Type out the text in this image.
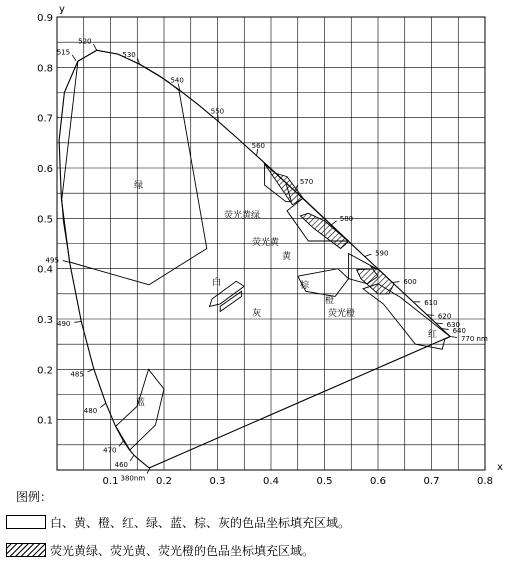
0.1	0.2	0.3	0.4	0.5	0.6	0.7	0.8
0.9
0.8
0.7
0.6
0.5
0.4
0.3
0.2
0.1
520
515	530
540
550
560
570
580
590
600
610
620
630
640
770 nm
495
490
485
480
470
460
380nm
绿
蓝
白
灰
荧光黄绿
荧光黄
黄
棕
橙
荧光橙
红
x
y
图例：
白、黄、橙、红、绿、蓝、棕、灰的色品坐标填充区域。
荧光黄绿、荧光黄、荧光橙的色品坐标填充区域。
